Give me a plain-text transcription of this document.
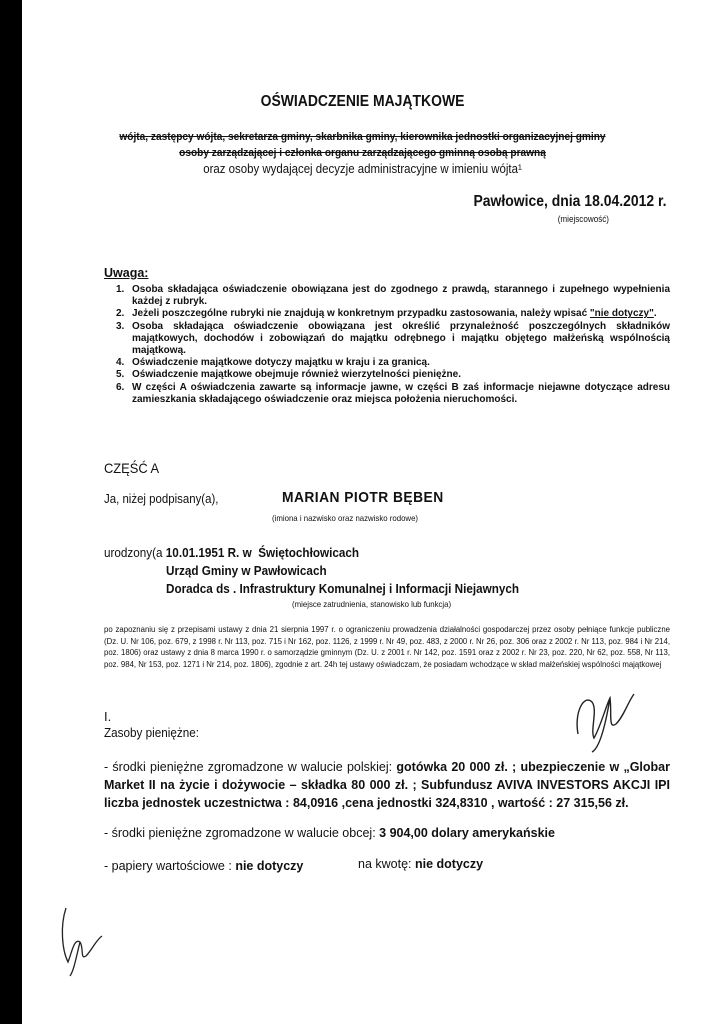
OŚWIADCZENIE MAJĄTKOWE
wójta, zastępcy wójta, sekretarza gminy, skarbnika gminy, kierownika jednostki organizacyjnej gminy
osoby zarządzającej i członka organu zarządzającego gminną osobą prawną
oraz osoby wydającej decyzje administracyjne w imieniu wójta¹
Pawłowice, dnia 18.04.2012 r.
(miejscowość)
Uwaga:
1. Osoba składająca oświadczenie obowiązana jest do zgodnego z prawdą, starannego i zupełnego wypełnienia każdej z rubryk.
2. Jeżeli poszczególne rubryki nie znajdują w konkretnym przypadku zastosowania, należy wpisać "nie dotyczy".
3. Osoba składająca oświadczenie obowiązana jest określić przynależność poszczególnych składników majątkowych, dochodów i zobowiązań do majątku odrębnego i majątku objętego małżeńską wspólnością majątkową.
4. Oświadczenie majątkowe dotyczy majątku w kraju i za granicą.
5. Oświadczenie majątkowe obejmuje również wierzytelności pieniężne.
6. W części A oświadczenia zawarte są informacje jawne, w części B zaś informacje niejawne dotyczące adresu zamieszkania składającego oświadczenie oraz miejsca położenia nieruchomości.
CZĘŚĆ A
Ja, niżej podpisany(a),	MARIAN PIOTR BĘBEN
(imiona i nazwisko oraz nazwisko rodowe)
urodzony(a 10.01.1951 R. w Świętochłowicach
Urząd Gminy w Pawłowicach
Doradca ds . Infrastruktury Komunalnej i Informacji Niejawnych
(miejsce zatrudnienia, stanowisko lub funkcja)
po zapoznaniu się z przepisami ustawy z dnia 21 sierpnia 1997 r. o ograniczeniu prowadzenia działalności gospodarczej przez osoby pełniące funkcje publiczne (Dz. U. Nr 106, poz. 679, z 1998 r. Nr 113, poz. 715 i Nr 162, poz. 1126, z 1999 r. Nr 49, poz. 483, z 2000 r. Nr 26, poz. 306 oraz z 2002 r. Nr 113, poz. 984 i Nr 214, poz. 1806) oraz ustawy z dnia 8 marca 1990 r. o samorządzie gminnym (Dz. U. z 2001 r. Nr 142, poz. 1591 oraz z 2002 r. Nr 23, poz. 220, Nr 62, poz. 558, Nr 113, poz. 984, Nr 153, poz. 1271 i Nr 214, poz. 1806), zgodnie z art. 24h tej ustawy oświadczam, że posiadam wchodzące w skład małżeńskiej wspólności majątkowej
I.
Zasoby pieniężne:
- środki pieniężne zgromadzone w walucie polskiej: gotówka 20 000 zł. ; ubezpieczenie w „Globar Market II na życie i dożywocie – składka 80 000 zł. ; Subfundusz AVIVA INVESTORS AKCJI IPI liczba jednostek uczestnictwa : 84,0916 ,cena jednostki 324,8310 , wartość : 27 315,56 zł.
- środki pieniężne zgromadzone w walucie obcej: 3 904,00 dolary amerykańskie
- papiery wartościowe : nie dotyczy	na kwotę: nie dotyczy
